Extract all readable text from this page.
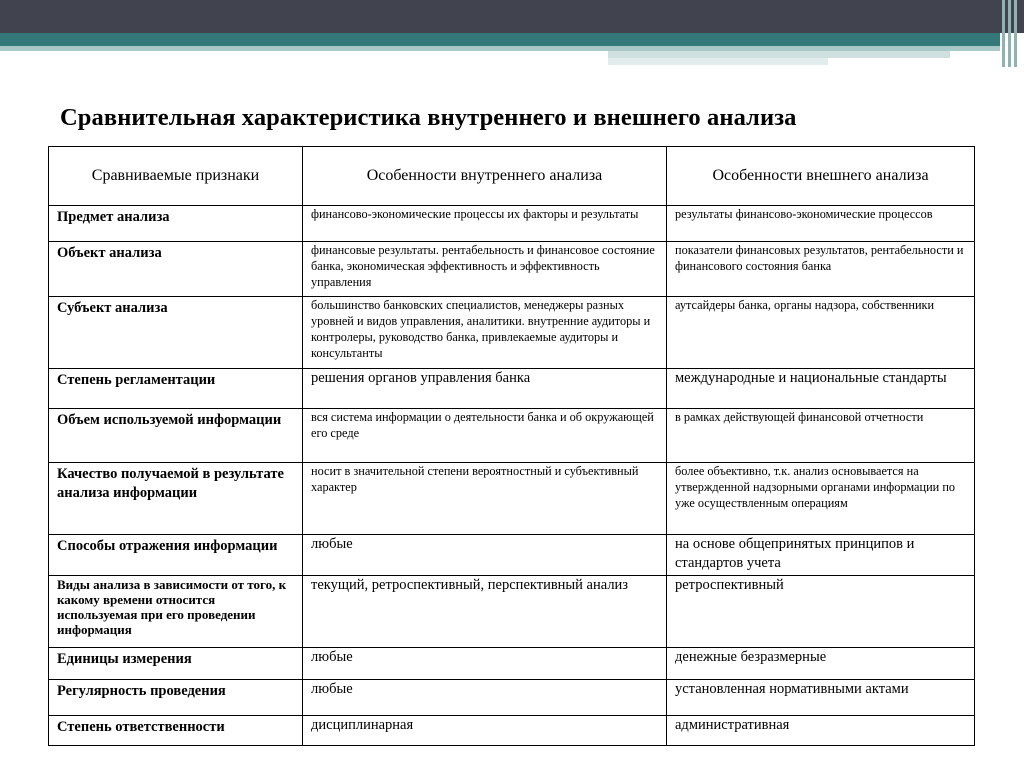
Сравнительная характеристика внутреннего и внешнего анализа
Сравниваемые признаки	Особенности внутреннего анализа	Особенности внешнего анализа
Предмет анализа	финансово-экономические процессы их факторы и результаты	результаты финансово-экономические процессов

Объект анализа	финансовые результаты. рентабельность и финансовое состояние банка, экономическая эффективность и эффективность управления	показатели финансовых результатов, рентабельности и финансового состояния банка

Субъект анализа	большинство банковских специалистов, менеджеры разных уровней и видов управления, аналитики. внутренние аудиторы и контролеры, руководство банка, привлекаемые аудиторы и консультанты	аутсайдеры банка, органы надзора, собственники

Степень регламентации	решения органов управления банка	международные и национальные стандарты

Объем используемой информации	вся система информации о деятельности банка и об окружающей его среде	в рамках действующей финансовой отчетности

Качество получаемой в результате анализа информации	носит в значительной степени вероятностный и субъективный характер	более объективно, т.к. анализ основывается на утвержденной надзорными органами информации по уже осуществленным операциям

Способы отражения информации	любые	на основе общепринятых принципов и стандартов учета

Виды анализа в зависимости от того, к какому времени относится используемая при его проведении информация	текущий, ретроспективный, перспективный анализ	ретроспективный

Единицы измерения	любые	денежные безразмерные

Регулярность проведения	любые	установленная нормативными актами

Степень ответственности	дисциплинарная	административная
